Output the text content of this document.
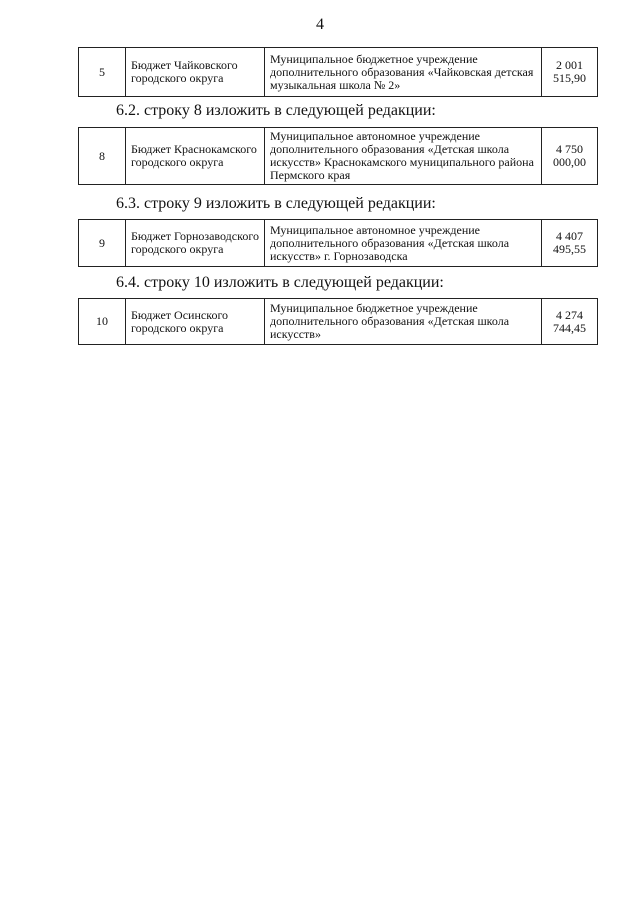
4
5	Бюджет Чайковского городского округа	Муниципальное бюджетное учреждение дополнительного образования «Чайковская детская музыкальная школа № 2»	2 001 515,90
6.2. строку 8 изложить в следующей редакции:
8	Бюджет Краснокамского городского округа	Муниципальное автономное учреждение дополнительного образования «Детская школа искусств» Краснокамского муниципального района Пермского края	4 750 000,00
6.3. строку 9 изложить в следующей редакции:
9	Бюджет Горнозаводского городского округа	Муниципальное автономное учреждение дополнительного образования «Детская школа искусств» г. Горнозаводска	4 407 495,55
6.4. строку 10 изложить в следующей редакции:
10	Бюджет Осинского городского округа	Муниципальное бюджетное учреждение дополнительного образования «Детская школа искусств»	4 274 744,45
